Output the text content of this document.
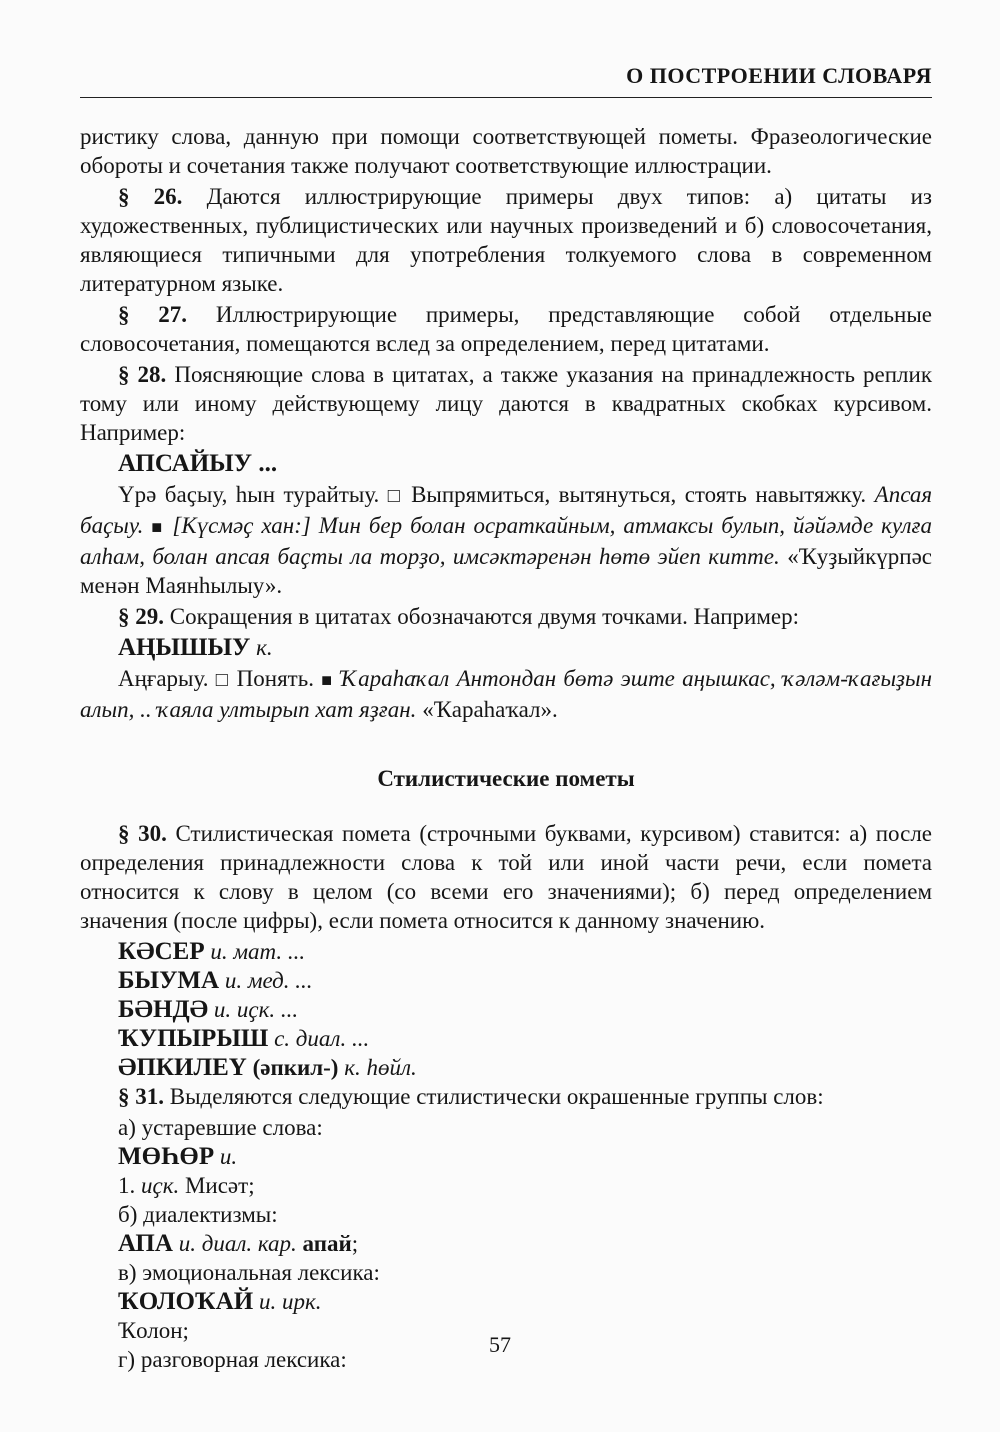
О ПОСТРОЕНИИ СЛОВАРЯ

ристику слова, данную при помощи соответствующей пометы. Фразеологические обороты и сочетания также получают соответствующие иллюстрации.

§ 26. Даются иллюстрирующие примеры двух типов: а) цитаты из художественных, публицистических или научных произведений и б) словосочетания, являющиеся типичными для употребления толкуемого слова в современном литературном языке.

§ 27. Иллюстрирующие примеры, представляющие собой отдельные словосочетания, помещаются вслед за определением, перед цитатами.

§ 28. Поясняющие слова в цитатах, а также указания на принадлежность реплик тому или иному действующему лицу даются в квадратных скобках курсивом. Например:

АПСАЙЫУ ...

Үрә баҫыу, һын турайтыу. □ Выпрямиться, вытянуться, стоять навытяжку. Апсая баҫыу. ■ [Күсмәҫ хан:] Мин бер болан осраткайным, атмаксы булып, йәйәмде кулға алһам, болан апсая баҫты ла торҙо, имсәктәренән һөтө эйеп китте. «Ҡуҙыйкүрпәс менән Маянһылыу».

§ 29. Сокращения в цитатах обозначаются двумя точками. Например:

АҢЫШЫУ к.

Аңғарыу. □ Понять. ■ Ҡараһаҡал Антондан бөтә эште аңышкас, ҡәләм-ҡағыҙын алып, .. ҡаяла ултырып хат яҙған. «Ҡараһаҡал».

Стилистические пометы

§ 30. Стилистическая помета (строчными буквами, курсивом) ставится: а) после определения принадлежности слова к той или иной части речи, если помета относится к слову в целом (со всеми его значениями); б) перед определением значения (после цифры), если помета относится к данному значению.

КӘСЕР и. мат. ...
БЫУМА и. мед. ...
БӘНДӘ и. иҫк. ...
ҠУПЫРЫШ с. диал. ...
ӘПКИЛЕҮ (әпкил-) к. һөйл.

§ 31. Выделяются следующие стилистически окрашенные группы слов:

а) устаревшие слова:
МӨҺӨР и.
1. иҫк. Мисәт;
б) диалектизмы:
АПА и. диал. кар. апай;
в) эмоциональная лексика:
ҠОЛОҠАЙ и. ирк.
Ҡолон;
г) разговорная лексика:
57
